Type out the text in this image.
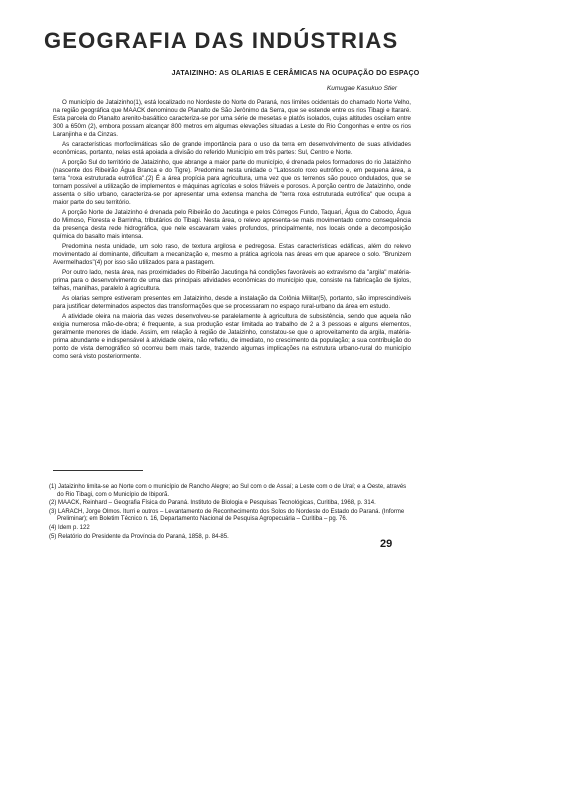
GEOGRAFIA DAS INDÚSTRIAS
JATAIZINHO: AS OLARIAS E CERÂMICAS NA OCUPAÇÃO DO ESPAÇO
Kumugae Kasukuo Stier

O município de Jataizinho(1), está localizado no Nordeste do Norte do Paraná, nos limites ocidentais do chamado Norte Velho, na região geográfica que MAACK denominou de Planalto de São Jerônimo da Serra, que se estende entre os rios Tibagi e Itararé. Esta parcela do Planalto arenito-basáltico caracteriza-se por uma série de mesetas e platôs isolados, cujas altitudes oscilam entre 300 a 650m (2), embora possam alcançar 800 metros em algumas elevações situadas a Leste do Rio Congonhas e entre os rios Laranjinha e da Cinzas.

As características morfoclimáticas são de grande importância para o uso da terra em desenvolvimento de suas atividades econômicas, portanto, nelas está apoiada a divisão do referido Município em três partes: Sul, Centro e Norte.

A porção Sul do território de Jataizinho, que abrange a maior parte do município, é drenada pelos formadores do rio Jataizinho (nascente dos Ribeirão Água Branca e do Tigre). Predomina nesta unidade o "Latossolo roxo eutrófico e, em pequena área, a terra "roxa estruturada eutrófica".(2) É a área propícia para agricultura, uma vez que os terrenos são pouco ondulados, que se tornam possível a utilização de implementos e máquinas agrícolas e solos friáveis e porosos. A porção centro de Jataizinho, onde assenta o sítio urbano, caracteriza-se por apresentar uma extensa mancha de "terra roxa estruturada eutrófica" que ocupa a maior parte do seu território.

A porção Norte de Jataizinho é drenada pelo Ribeirão do Jacutinga e pelos Córregos Fundo, Taquari, Água do Caboclo, Água do Mimoso, Floresta e Barrinha, tributários do Tibagi. Nesta área, o relevo apresenta-se mais movimentado como consequência da presença desta rede hidrográfica, que nele escavaram vales profundos, principalmente, nos locais onde a decomposição química do basalto mais intensa.

Predomina nesta unidade, um solo raso, de textura argilosa e pedregosa. Estas características edáficas, além do relevo movimentado aí dominante, dificultam a mecanização e, mesmo a prática agrícola nas áreas em que aparece o solo. "Brunizem Avermelhados"(4) por isso são utilizados para a pastagem.

Por outro lado, nesta área, nas proximidades do Ribeirão Jacutinga há condições favoráveis ao extravismo da "argila" matéria-prima para o desenvolvimento de uma das principais atividades econômicas do município que, consiste na fabricação de tijolos, telhas, manilhas, paralelo à agricultura.

As olarias sempre estiveram presentes em Jataizinho, desde a instalação da Colônia Militar(5), portanto, são imprescindíveis para justificar determinados aspectos das transformações que se processaram no espaço rural-urbano da área em estudo.

A atividade oleira na maioria das vezes desenvolveu-se paralelamente à agricultura de subsistência, sendo que aquela não exigia numerosa mão-de-obra; é frequente, a sua produção estar limitada ao trabalho de 2 a 3 pessoas e alguns elementos, geralmente menores de idade. Assim, em relação à região de Jataizinho, constatou-se que o aproveitamento da argila, matéria-prima abundante e indispensável à atividade oleira, não refletiu, de imediato, no crescimento da população; a sua contribuição do ponto de vista demográfico só ocorreu bem mais tarde, trazendo algumas implicações na estrutura urbano-rural do município como será visto posteriormente.

(1) Jataizinho limita-se ao Norte com o município de Rancho Alegre; ao Sul com o de Assaí; a Leste com o de Uraí; e a Oeste, através do Rio Tibagi, com o Município de Ibiporã.
(2) MAACK, Reinhard – Geografia Física do Paraná. Instituto de Biologia e Pesquisas Tecnológicas, Curitiba, 1968, p. 314.
(3) LARACH, Jorge Olmos. Iturri e outros – Levantamento de Reconhecimento dos Solos do Nordeste do Estado do Paraná. (Informe Preliminar); em Boletim Técnico n. 16, Departamento Nacional de Pesquisa Agropecuária – Curitiba – pg. 76.
(4) Idem p. 122
(5) Relatório do Presidente da Província do Paraná, 1858, p. 84-85.
29
